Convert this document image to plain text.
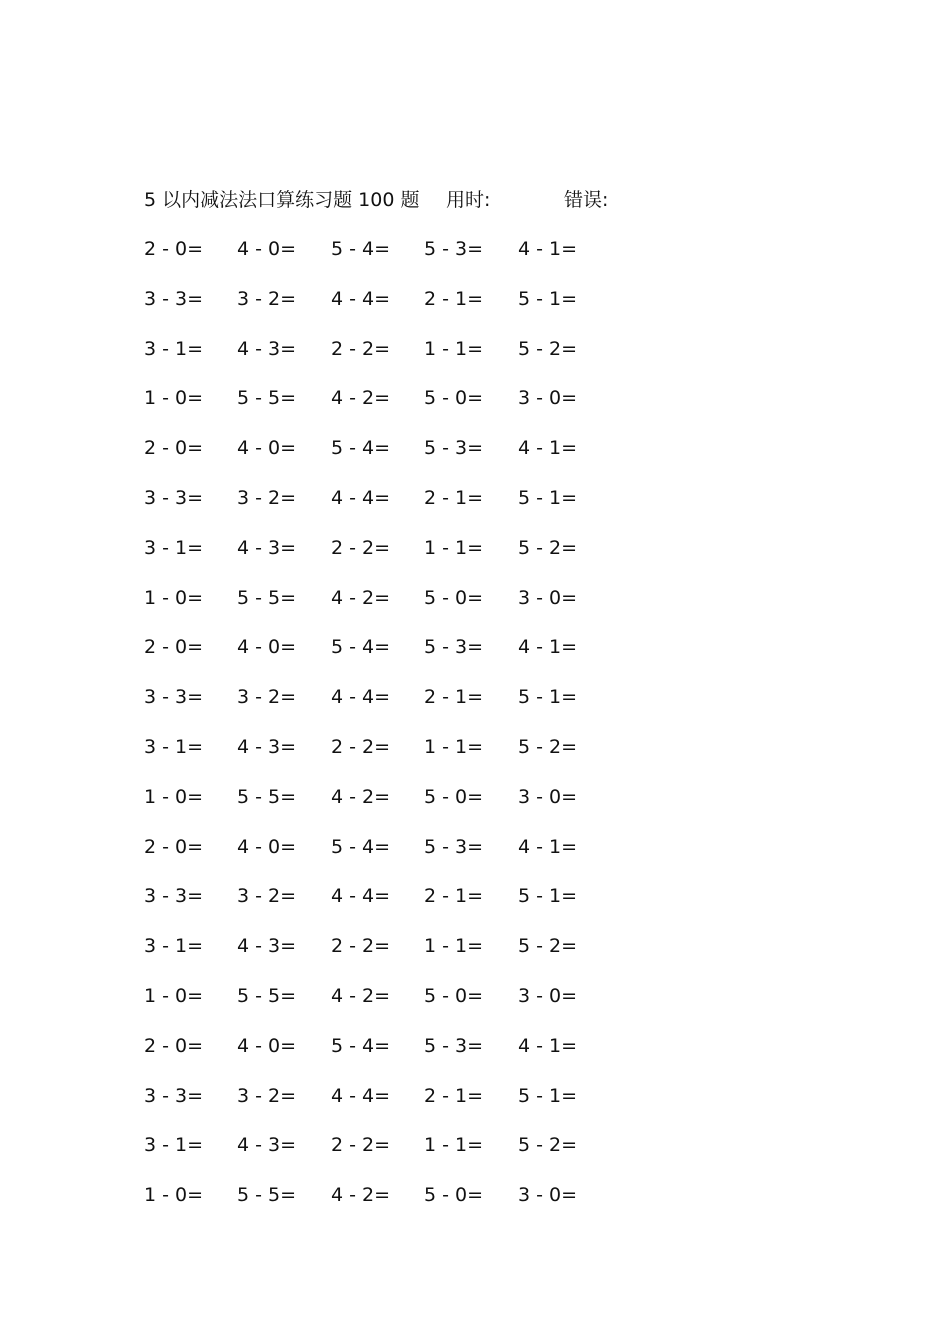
5 以内减法法口算练习题 100 题 用时:	错误:
2 - 0= 4 - 0= 5 - 4= 5 - 3= 4 - 1=
3 - 3= 3 - 2= 4 - 4= 2 - 1= 5 - 1=
3 - 1= 4 - 3= 2 - 2= 1 - 1= 5 - 2=
1 - 0= 5 - 5= 4 - 2= 5 - 0= 3 - 0=
2 - 0= 4 - 0= 5 - 4= 5 - 3= 4 - 1=
3 - 3= 3 - 2= 4 - 4= 2 - 1= 5 - 1=
3 - 1= 4 - 3= 2 - 2= 1 - 1= 5 - 2=
1 - 0= 5 - 5= 4 - 2= 5 - 0= 3 - 0=
2 - 0= 4 - 0= 5 - 4= 5 - 3= 4 - 1=
3 - 3= 3 - 2= 4 - 4= 2 - 1= 5 - 1=
3 - 1= 4 - 3= 2 - 2= 1 - 1= 5 - 2=
1 - 0= 5 - 5= 4 - 2= 5 - 0= 3 - 0=
2 - 0= 4 - 0= 5 - 4= 5 - 3= 4 - 1=
3 - 3= 3 - 2= 4 - 4= 2 - 1= 5 - 1=
3 - 1= 4 - 3= 2 - 2= 1 - 1= 5 - 2=
1 - 0= 5 - 5= 4 - 2= 5 - 0= 3 - 0=
2 - 0= 4 - 0= 5 - 4= 5 - 3= 4 - 1=
3 - 3= 3 - 2= 4 - 4= 2 - 1= 5 - 1=
3 - 1= 4 - 3= 2 - 2= 1 - 1= 5 - 2=
1 - 0= 5 - 5= 4 - 2= 5 - 0= 3 - 0=
